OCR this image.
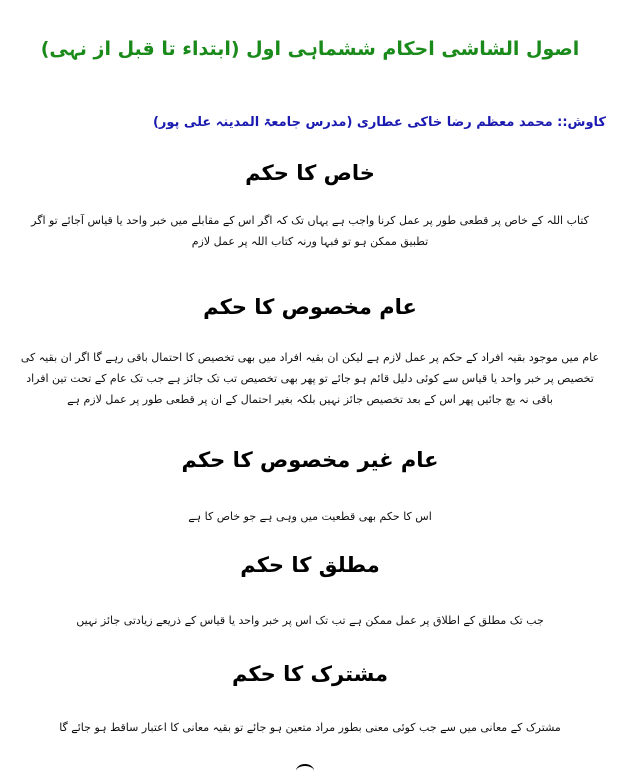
اصول الشاشی احکام ششماہی اول (ابتداء تا قبل از نہی)
کاوش:: محمد معظم رضا خاکی عطاری (مدرس جامعۃ المدینہ علی پور)
خاص کا حکم
کتاب اللہ کے خاص پر قطعی طور پر عمل کرنا واجب ہے یہاں تک کہ اگر اس کے مقابلے میں خبر واحد یا قیاس آجائے تو اگر تطبیق ممکن ہو تو فبہا ورنہ کتاب اللہ پر عمل لازم
عام مخصوص کا حکم
عام میں موجود بقیہ افراد کے حکم پر عمل لازم ہے لیکن ان بقیہ افراد میں بھی تخصیص کا احتمال باقی رہے گا اگر ان بقیہ کی تخصیص پر خبر واحد یا قیاس سے کوئی دلیل قائم ہو جائے تو پھر بھی تخصیص تب تک جائز ہے جب تک عام کے تحت تین افراد باقی نہ بچ جائیں پھر اس کے بعد تخصیص جائز نہیں بلکہ بغیر احتمال کے ان پر قطعی طور پر عمل لازم ہے
عام غیر مخصوص کا حکم
اس کا حکم بھی قطعیت میں وہی ہے جو خاص کا ہے
مطلق کا حکم
جب تک مطلق کے اطلاق پر عمل ممکن ہے تب تک اس پر خبر واحد یا قیاس کے ذریعے زیادتی جائز نہیں
مشترک کا حکم
مشترک کے معانی میں سے جب کوئی معنی بطور مراد متعین ہو جائے تو بقیہ معانی کا اعتبار ساقط ہو جائے گا
